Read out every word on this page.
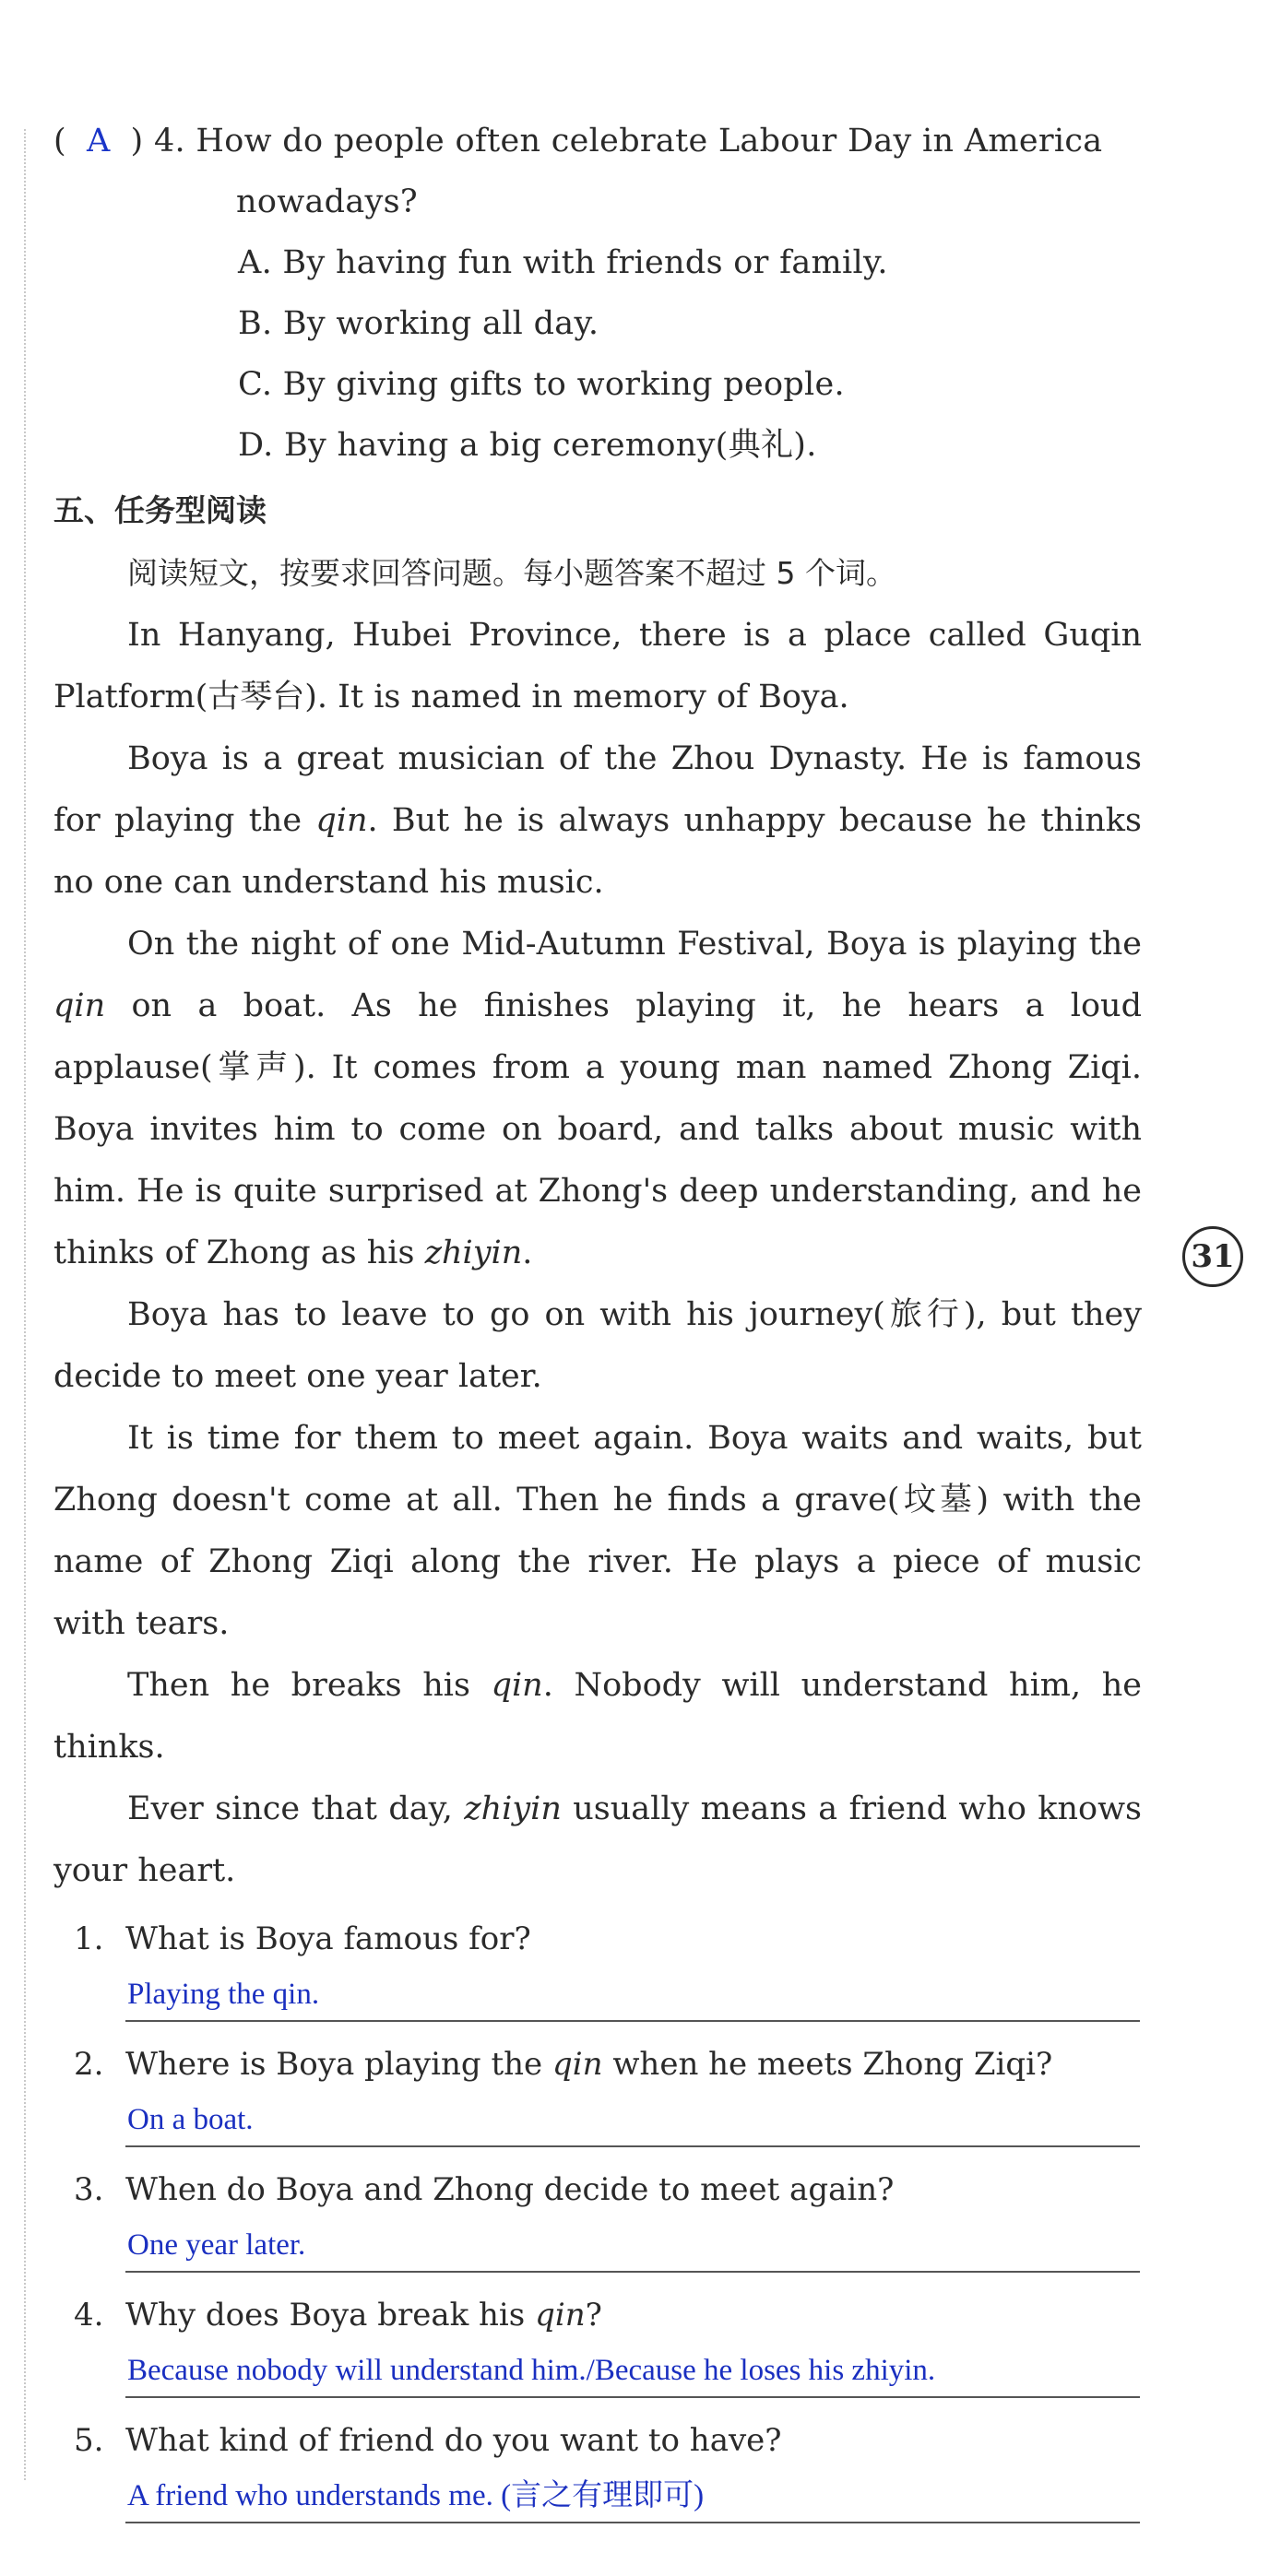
( A ) 4. How do people often celebrate Labour Day in America
nowadays?
A. By having fun with friends or family.
B. By working all day.
C. By giving gifts to working people.
D. By having a big ceremony(典礼).
五、任务型阅读
阅读短文，按要求回答问题。每小题答案不超过 5 个词。

In Hanyang, Hubei Province, there is a place called Guqin Platform(古琴台). It is named in memory of Boya.

Boya is a great musician of the Zhou Dynasty. He is famous for playing the qin. But he is always unhappy because he thinks no one can understand his music.

On the night of one Mid-Autumn Festival, Boya is playing the qin on a boat. As he finishes playing it, he hears a loud applause(掌声). It comes from a young man named Zhong Ziqi. Boya invites him to come on board, and talks about music with him. He is quite surprised at Zhong's deep understanding, and he thinks of Zhong as his zhiyin.

Boya has to leave to go on with his journey(旅行), but they decide to meet one year later.

It is time for them to meet again. Boya waits and waits, but Zhong doesn't come at all. Then he finds a grave(坟墓) with the name of Zhong Ziqi along the river. He plays a piece of music with tears.

Then he breaks his qin. Nobody will understand him, he thinks.

Ever since that day, zhiyin usually means a friend who knows your heart.

1. What is Boya famous for?
Playing the qin.
2. Where is Boya playing the qin when he meets Zhong Ziqi?
On a boat.
3. When do Boya and Zhong decide to meet again?
One year later.
4. Why does Boya break his qin?
Because nobody will understand him./Because he loses his zhiyin.
5. What kind of friend do you want to have?
A friend who understands me. (言之有理即可)
31
